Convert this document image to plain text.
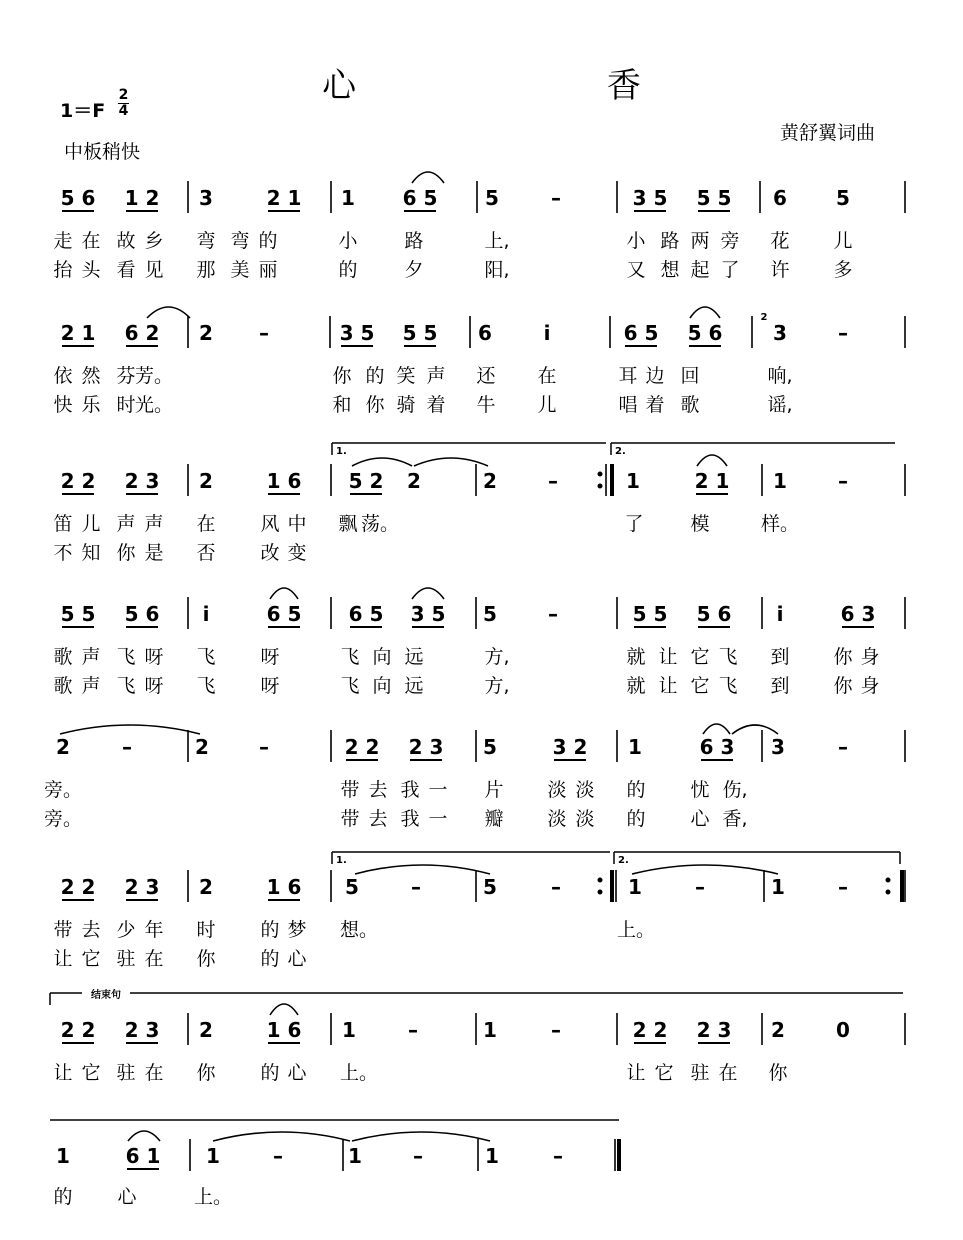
心 香
1＝F
2
4
中板稍快
黄舒翼词曲
5 6 1 2 3	2 1 1 6 5 5	–	3 5 5 5 6 5
走 在 故 乡 弯 弯 的	小 路	上,	小 路 两 旁 花 儿
抬 头 看 见 那 美 丽	的 夕	阳,	又 想 起 了 许 多
2 1 6 2 2 –	3 5 5 5 6	i	6 5 5 6	3	–
依 然 芬 芳。	你 的 笑 声 还 在	耳 边 回	响,
快 乐 时 光。	和 你 骑 着 牛 儿	唱 着 歌	谣,
2 2 2 3 2	1 6 5 2 2	2	–	1	2 1 1	–
笛 儿 声 声 在 风 中 飘 荡。	了 模	样。
不 知 你 是 否 改 变
5 5 5 6 i	6 5 6 5 3 5 5	–	5 5 5 6 i	6 3
歌 声 飞 呀 飞 呀	飞 向 远	方,	就 让 它 飞 到 你 身
歌 声 飞 呀 飞 呀	飞 向 远	方,	就 让 它 飞 到 你 身
2	–	2	–	2 2 2 3 5	3 2 1	6 3 3	–
旁。	带 去 我 一 片 淡 淡 的 忧 伤,
旁。	带 去 我 一 瓣 淡 淡 的 心 香,
2 2 2 3 2	1 6 5	–	5	–	1	–	1	–
带 去 少 年 时 的 梦 想。	上。
让 它 驻 在 你 的 心
2 2 2 3 2	1 6 1	–	1	–	2 2 2 3 2	0
让 它 驻 在 你 的 心 上。	让 它 驻 在 你
1	6 1 1	–	1	–	1	–
的 心	上。
1.	2.
1.	2.
结束句
2
